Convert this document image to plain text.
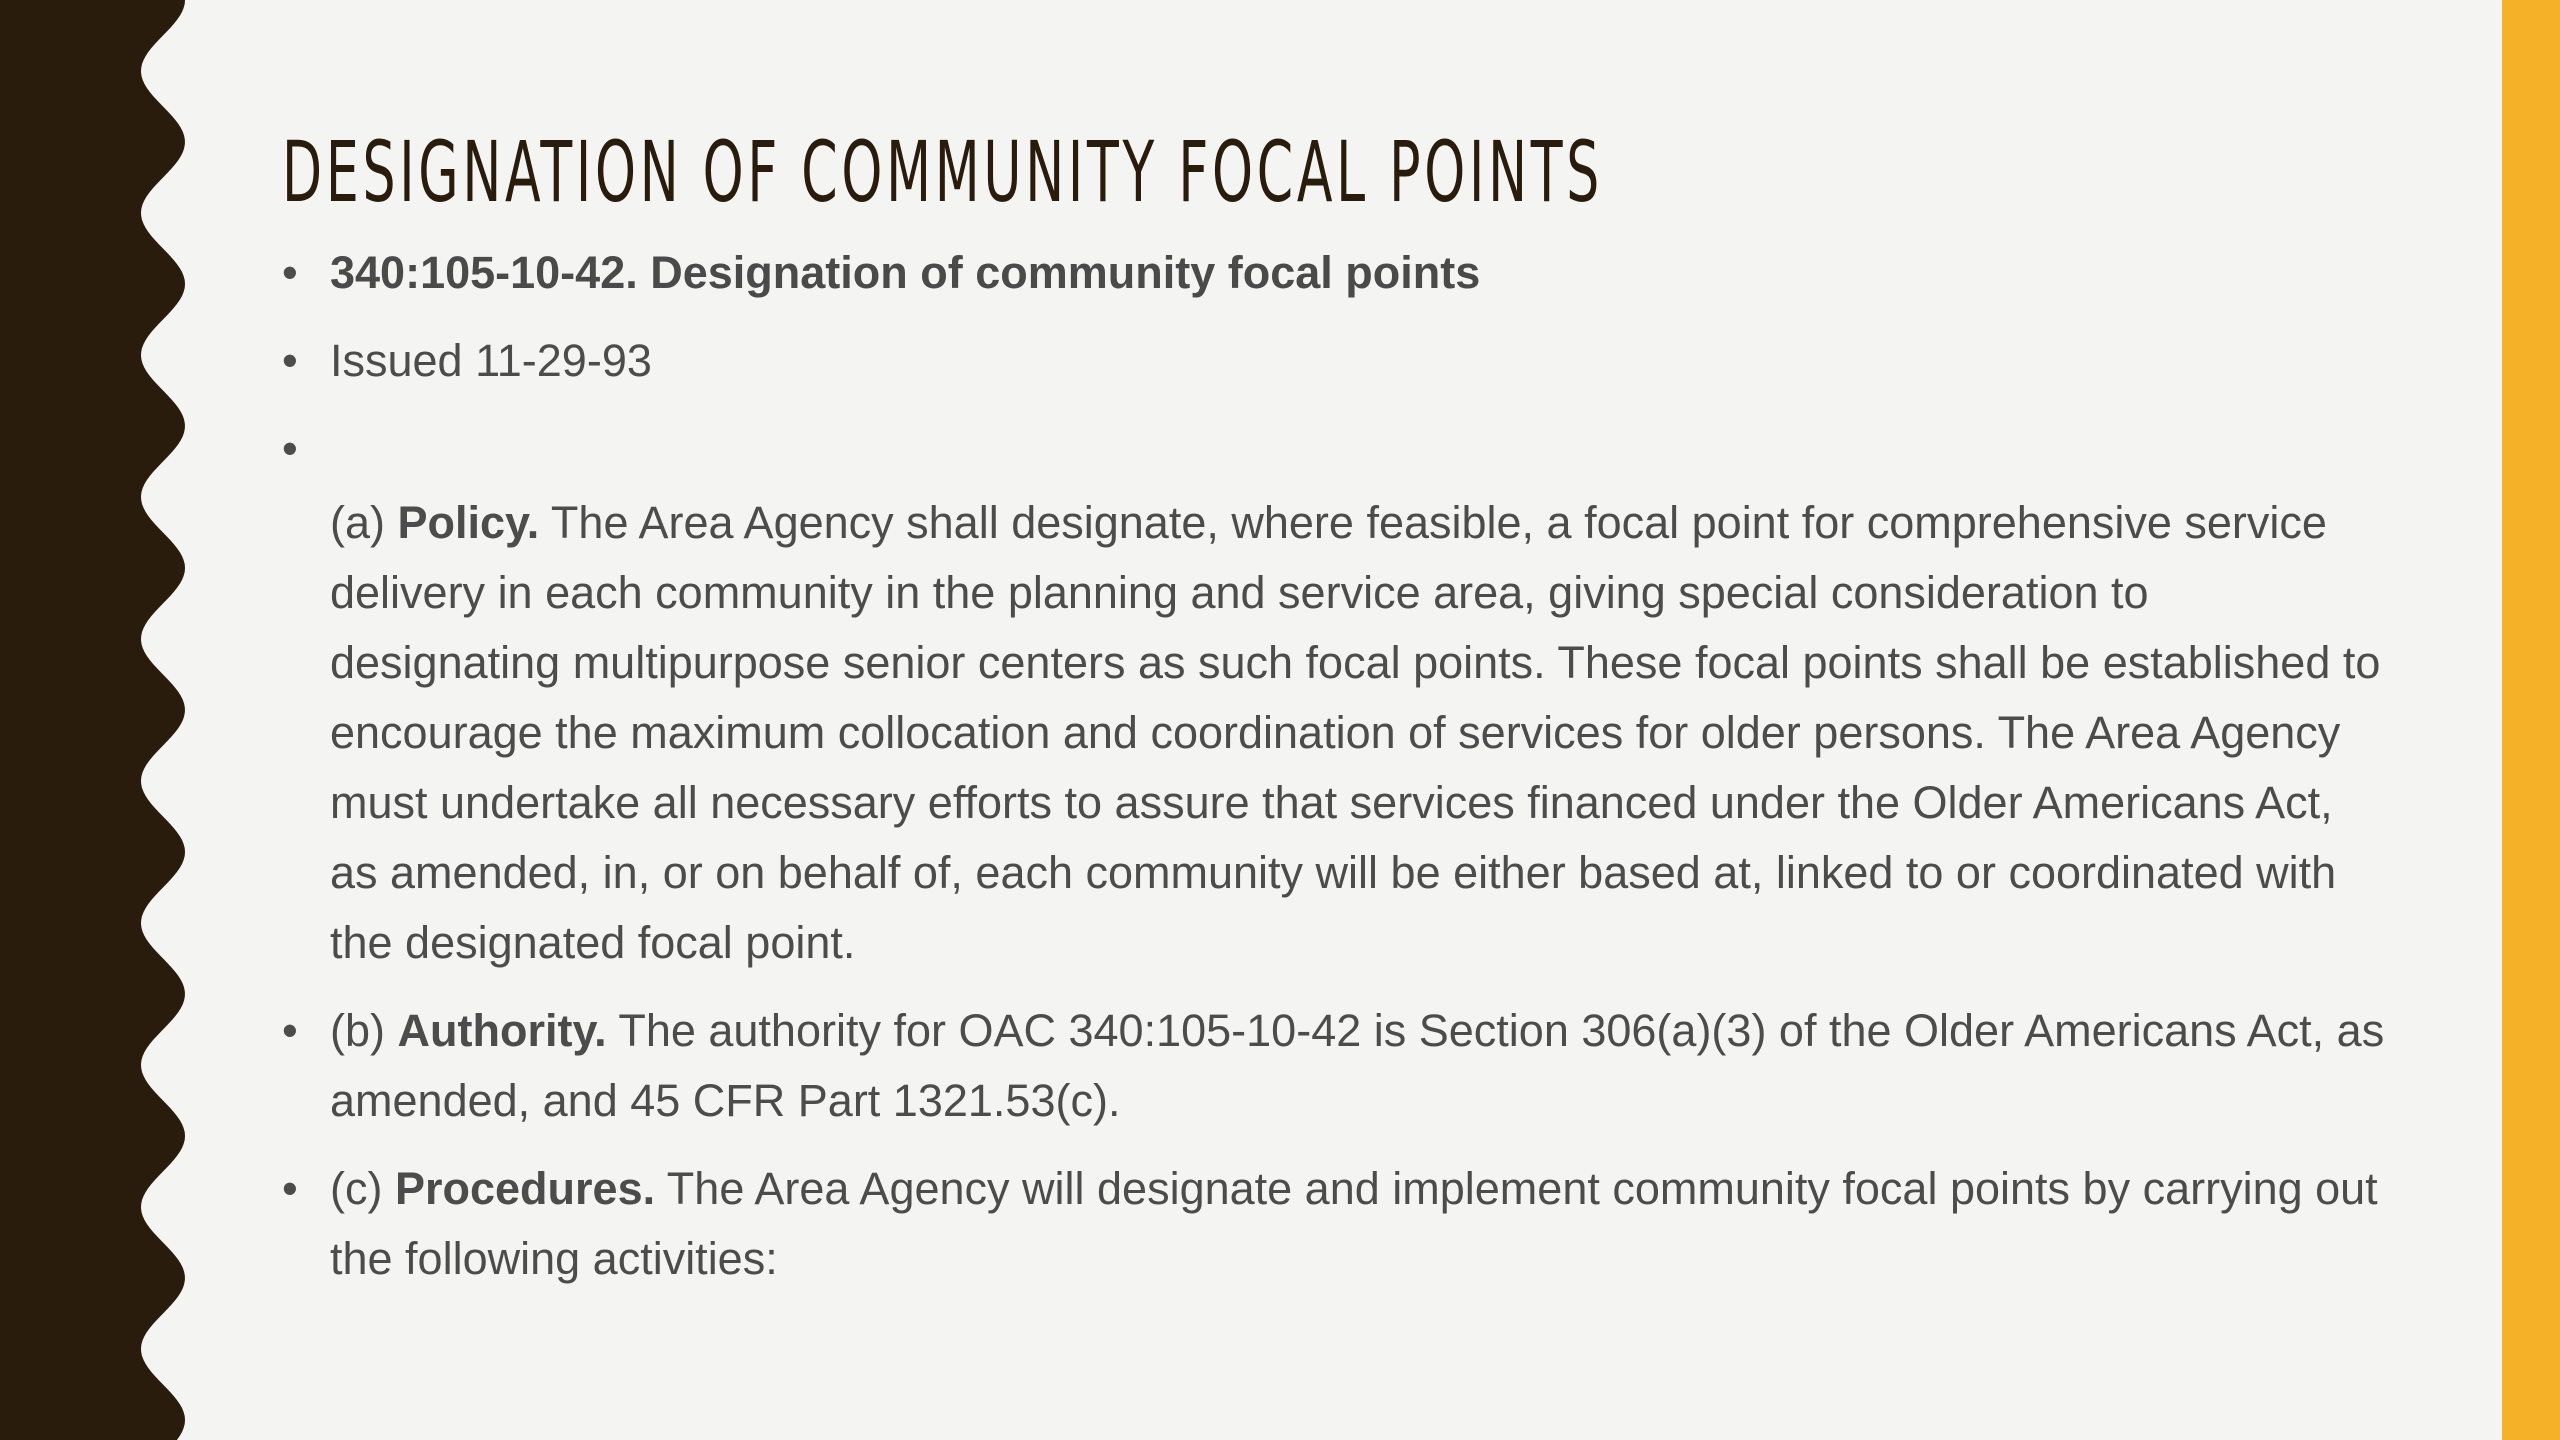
DESIGNATION OF COMMUNITY FOCAL POINTS
• 340:105-10-42. Designation of community focal points
• Issued 11-29-93
•
(a) Policy. The Area Agency shall designate, where feasible, a focal point for comprehensive service delivery in each community in the planning and service area, giving special consideration to designating multipurpose senior centers as such focal points. These focal points shall be established to encourage the maximum collocation and coordination of services for older persons. The Area Agency must undertake all necessary efforts to assure that services financed under the Older Americans Act, as amended, in, or on behalf of, each community will be either based at, linked to or coordinated with the designated focal point.
• (b) Authority. The authority for OAC 340:105-10-42 is Section 306(a)(3) of the Older Americans Act, as amended, and 45 CFR Part 1321.53(c).
• (c) Procedures. The Area Agency will designate and implement community focal points by carrying out the following activities:
